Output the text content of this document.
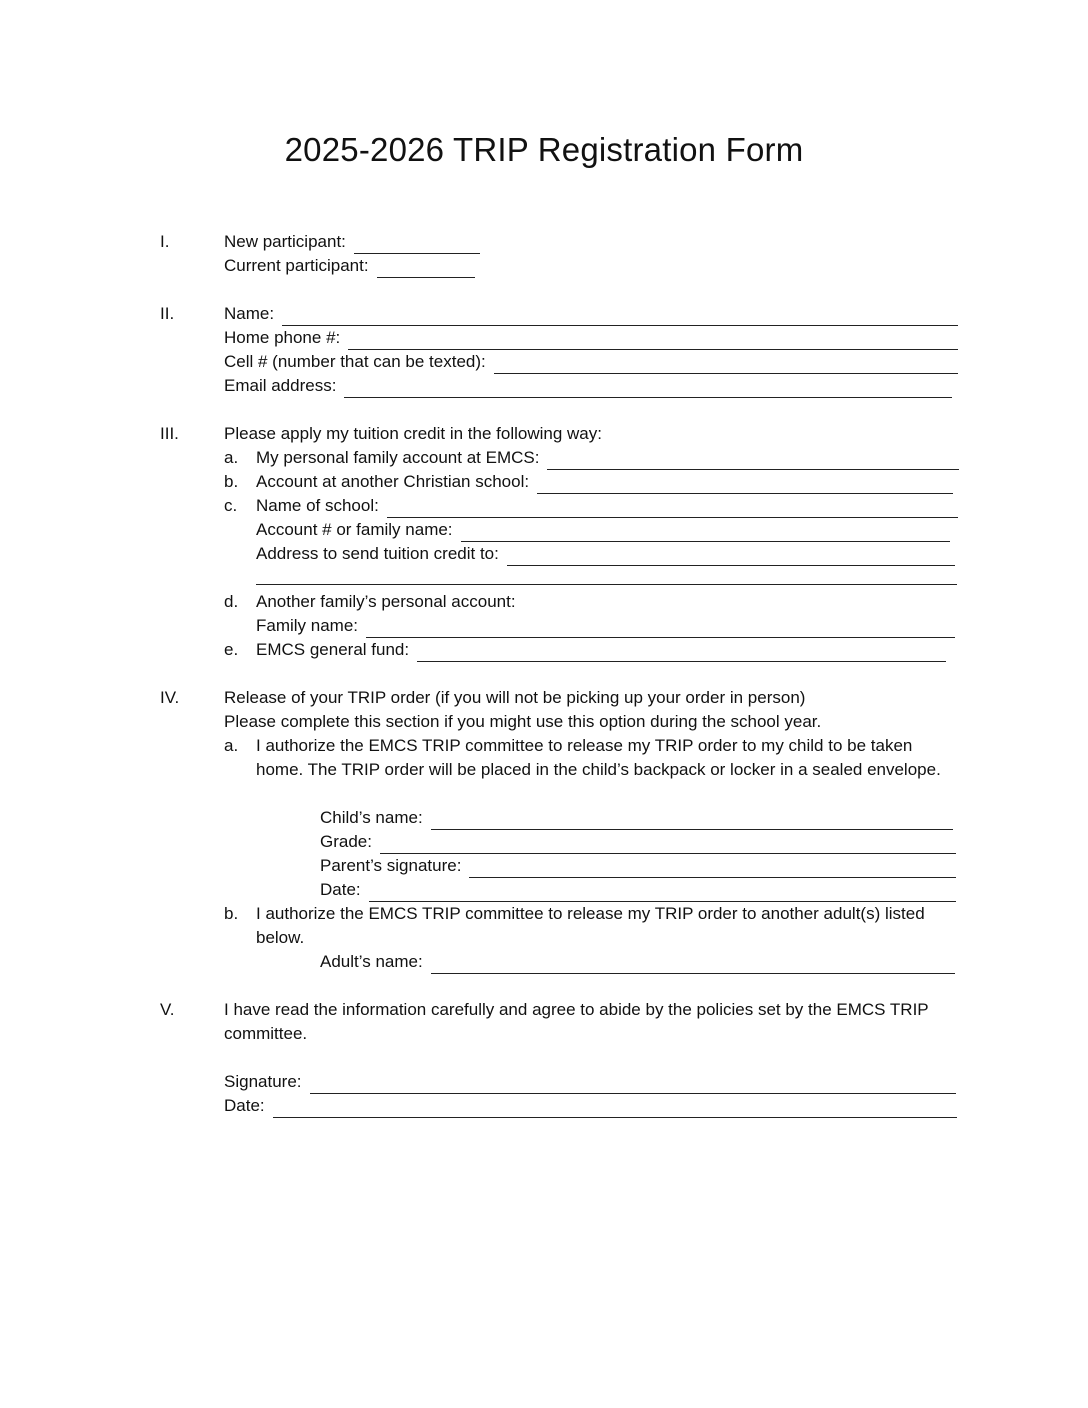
2025-2026 TRIP Registration Form
I.	New participant:
Current participant:
II.	Name:
Home phone #:
Cell # (number that can be texted):
Email address:
III.	Please apply my tuition credit in the following way:
a. My personal family account at EMCS:
b. Account at another Christian school:
c. Name of school:
Account # or family name:
Address to send tuition credit to:
d. Another family’s personal account:
Family name:
e. EMCS general fund:
IV.	Release of your TRIP order (if you will not be picking up your order in person)
Please complete this section if you might use this option during the school year.
a. I authorize the EMCS TRIP committee to release my TRIP order to my child to be taken home. The TRIP order will be placed in the child’s backpack or locker in a sealed envelope.
Child’s name:
Grade:
Parent’s signature:
Date:
b. I authorize the EMCS TRIP committee to release my TRIP order to another adult(s) listed below.
Adult’s name:
V.	I have read the information carefully and agree to abide by the policies set by the EMCS TRIP committee.
Signature:
Date:
